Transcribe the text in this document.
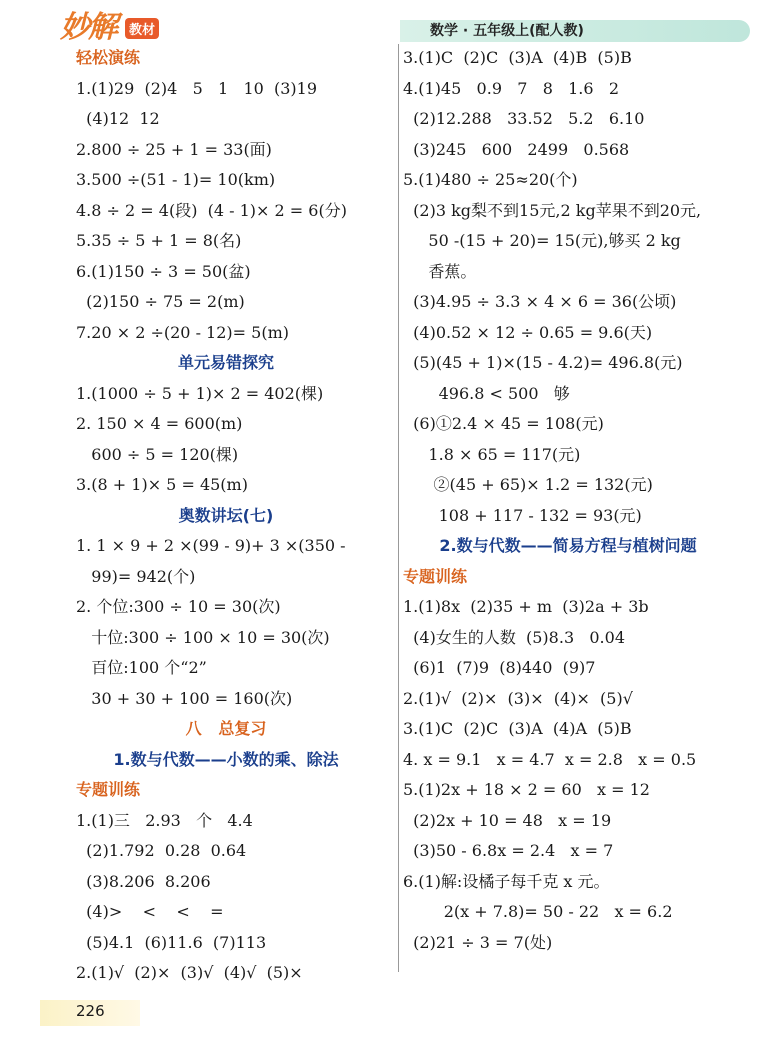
妙解	教材	数学 · 五年级上(配人教)
轻松演练
1.(1)29  (2)4   5   1   10  (3)19
(4)12  12
2.800 ÷ 25 + 1 = 33(面)
3.500 ÷(51 - 1)= 10(km)
4.8 ÷ 2 = 4(段)  (4 - 1)× 2 = 6(分)
5.35 ÷ 5 + 1 = 8(名)
6.(1)150 ÷ 3 = 50(盆)
(2)150 ÷ 75 = 2(m)
7.20 × 2 ÷(20 - 12)= 5(m)
单元易错探究
1.(1000 ÷ 5 + 1)× 2 = 402(棵)
2. 150 × 4 = 600(m)
600 ÷ 5 = 120(棵)
3.(8 + 1)× 5 = 45(m)
奥数讲坛(七)
1. 1 × 9 + 2 ×(99 - 9)+ 3 ×(350 -
99)= 942(个)
2. 个位:300 ÷ 10 = 30(次)
十位:300 ÷ 100 × 10 = 30(次)
百位:100 个“2”
30 + 30 + 100 = 160(次)
八   总复习
1.数与代数——小数的乘、除法
专题训练
1.(1)三   2.93   个   4.4
(2)1.792  0.28  0.64
(3)8.206  8.206
(4)>    <    <    =
(5)4.1  (6)11.6  (7)113
2.(1)√  (2)×  (3)√  (4)√  (5)×
3.(1)C  (2)C  (3)A  (4)B  (5)B
4.(1)45   0.9   7   8   1.6   2
(2)12.288   33.52   5.2   6.10
(3)245   600   2499   0.568
5.(1)480 ÷ 25≈20(个)
(2)3 kg梨不到15元,2 kg苹果不到20元,
50 -(15 + 20)= 15(元),够买 2 kg
香蕉。
(3)4.95 ÷ 3.3 × 4 × 6 = 36(公顷)
(4)0.52 × 12 ÷ 0.65 = 9.6(天)
(5)(45 + 1)×(15 - 4.2)= 496.8(元)
496.8 < 500   够
(6)①2.4 × 45 = 108(元)
1.8 × 65 = 117(元)
②(45 + 65)× 1.2 = 132(元)
108 + 117 - 132 = 93(元)
2.数与代数——简易方程与植树问题
专题训练
1.(1)8x  (2)35 + m  (3)2a + 3b
(4)女生的人数  (5)8.3   0.04
(6)1  (7)9  (8)440  (9)7
2.(1)√  (2)×  (3)×  (4)×  (5)√
3.(1)C  (2)C  (3)A  (4)A  (5)B
4. x = 9.1   x = 4.7  x = 2.8   x = 0.5
5.(1)2x + 18 × 2 = 60   x = 12
(2)2x + 10 = 48   x = 19
(3)50 - 6.8x = 2.4   x = 7
6.(1)解:设橘子每千克 x 元。
2(x + 7.8)= 50 - 22   x = 6.2
(2)21 ÷ 3 = 7(处)
226
